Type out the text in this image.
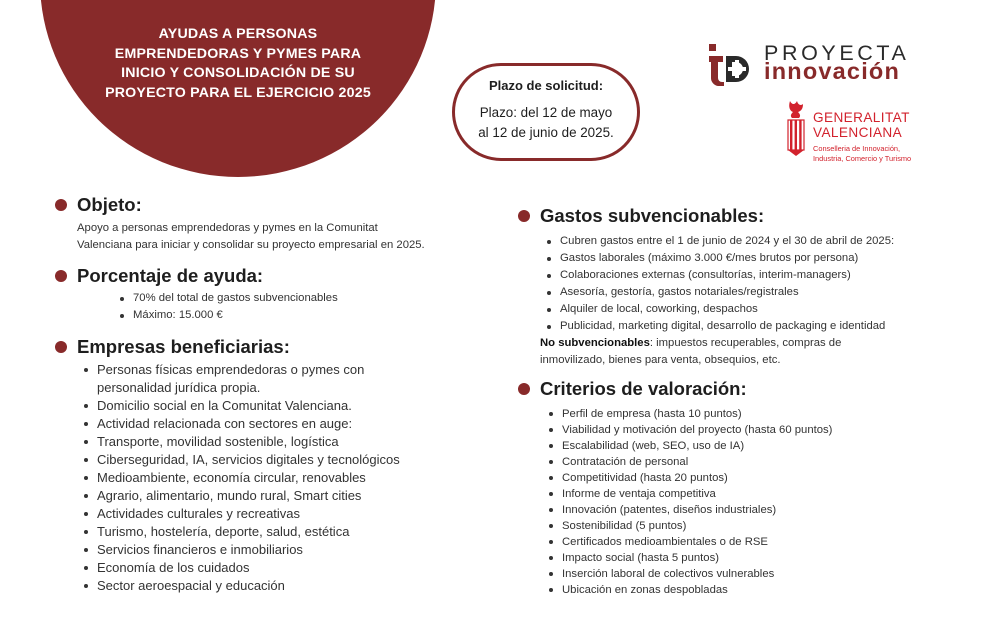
AYUDAS A PERSONAS
EMPRENDEDORAS Y PYMES PARA
INICIO Y CONSOLIDACIÓN DE SU
PROYECTO PARA EL EJERCICIO 2025	Plazo de solicitud:
Plazo: del 12 de mayo
al 12 de junio de 2025.
PROYECTA
innovación
GENERALITAT
VALENCIANA
Conselleria de Innovación,
Industria, Comercio y Turismo
Objeto:
Apoyo a personas emprendedoras y pymes en la Comunitat
Valenciana para iniciar y consolidar su proyecto empresarial en 2025.
Porcentaje de ayuda:
70% del total de gastos subvencionables
Máximo: 15.000 €
Empresas beneficiarias:
Personas físicas emprendedoras o pymes con
personalidad jurídica propia.
Domicilio social en la Comunitat Valenciana.
Actividad relacionada con sectores en auge:
Transporte, movilidad sostenible, logística
Ciberseguridad, IA, servicios digitales y tecnológicos
Medioambiente, economía circular, renovables
Agrario, alimentario, mundo rural, Smart cities
Actividades culturales y recreativas
Turismo, hostelería, deporte, salud, estética
Servicios financieros e inmobiliarios
Economía de los cuidados
Sector aeroespacial y educación
Gastos subvencionables:
Cubren gastos entre el 1 de junio de 2024 y el 30 de abril de 2025:
Gastos laborales (máximo 3.000 €/mes brutos por persona)
Colaboraciones externas (consultorías, interim-managers)
Asesoría, gestoría, gastos notariales/registrales
Alquiler de local, coworking, despachos
Publicidad, marketing digital, desarrollo de packaging e identidad
No subvencionables: impuestos recuperables, compras de
inmovilizado, bienes para venta, obsequios, etc.
Criterios de valoración:
Perfil de empresa (hasta 10 puntos)
Viabilidad y motivación del proyecto (hasta 60 puntos)
Escalabilidad (web, SEO, uso de IA)
Contratación de personal
Competitividad (hasta 20 puntos)
Informe de ventaja competitiva
Innovación (patentes, diseños industriales)
Sostenibilidad (5 puntos)
Certificados medioambientales o de RSE
Impacto social (hasta 5 puntos)
Inserción laboral de colectivos vulnerables
Ubicación en zonas despobladas
